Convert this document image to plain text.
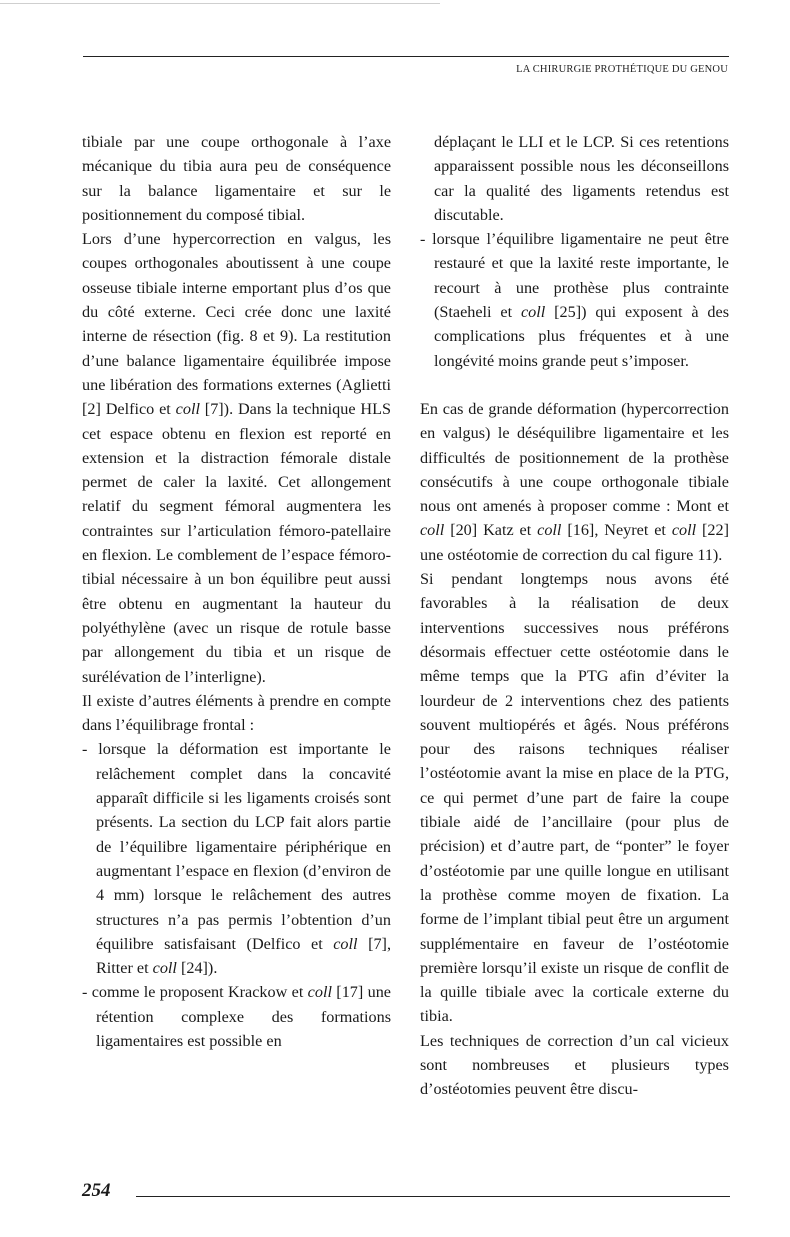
LA CHIRURGIE PROTHÉTIQUE DU GENOU

tibiale par une coupe orthogonale à l’axe mécanique du tibia aura peu de conséquence sur la balance ligamentaire et sur le positionnement du composé tibial.

Lors d’une hypercorrection en valgus, les coupes orthogonales aboutissent à une coupe osseuse tibiale interne emportant plus d’os que du côté externe. Ceci crée donc une laxité interne de résection (fig. 8 et 9). La restitution d’une balance ligamentaire équilibrée impose une libération des formations externes (Aglietti [2] Delfico et coll [7]). Dans la technique HLS cet espace obtenu en flexion est reporté en extension et la distraction fémorale distale permet de caler la laxité. Cet allongement relatif du segment fémoral augmentera les contraintes sur l’articulation fémoro-patellaire en flexion. Le comblement de l’espace fémoro-tibial nécessaire à un bon équilibre peut aussi être obtenu en augmentant la hauteur du polyéthylène (avec un risque de rotule basse par allongement du tibia et un risque de surélévation de l’interligne).

Il existe d’autres éléments à prendre en compte dans l’équilibrage frontal :

- lorsque la déformation est importante le relâchement complet dans la concavité apparaît difficile si les ligaments croisés sont présents. La section du LCP fait alors partie de l’équilibre ligamentaire périphérique en augmentant l’espace en flexion (d’environ de 4 mm) lorsque le relâchement des autres structures n’a pas permis l’obtention d’un équilibre satisfaisant (Delfico et coll [7], Ritter et coll [24]).

- comme le proposent Krackow et coll [17] une rétention complexe des formations ligamentaires est possible en

déplaçant le LLI et le LCP. Si ces retentions apparaissent possible nous les déconseillons car la qualité des ligaments retendus est discutable.

- lorsque l’équilibre ligamentaire ne peut être restauré et que la laxité reste importante, le recourt à une prothèse plus contrainte (Staeheli et coll [25]) qui exposent à des complications plus fréquentes et à une longévité moins grande peut s’imposer.

En cas de grande déformation (hypercorrection en valgus) le déséquilibre ligamentaire et les difficultés de positionnement de la prothèse consécutifs à une coupe orthogonale tibiale nous ont amenés à proposer comme : Mont et coll [20] Katz et coll [16], Neyret et coll [22] une ostéotomie de correction du cal figure 11).

Si pendant longtemps nous avons été favorables à la réalisation de deux interventions successives nous préférons désormais effectuer cette ostéotomie dans le même temps que la PTG afin d’éviter la lourdeur de 2 interventions chez des patients souvent multiopérés et âgés. Nous préférons pour des raisons techniques réaliser l’ostéotomie avant la mise en place de la PTG, ce qui permet d’une part de faire la coupe tibiale aidé de l’ancillaire (pour plus de précision) et d’autre part, de “ponter” le foyer d’ostéotomie par une quille longue en utilisant la prothèse comme moyen de fixation. La forme de l’implant tibial peut être un argument supplémentaire en faveur de l’ostéotomie première lorsqu’il existe un risque de conflit de la quille tibiale avec la corticale externe du tibia.

Les techniques de correction d’un cal vicieux sont nombreuses et plusieurs types d’ostéotomies peuvent être discu-

254
